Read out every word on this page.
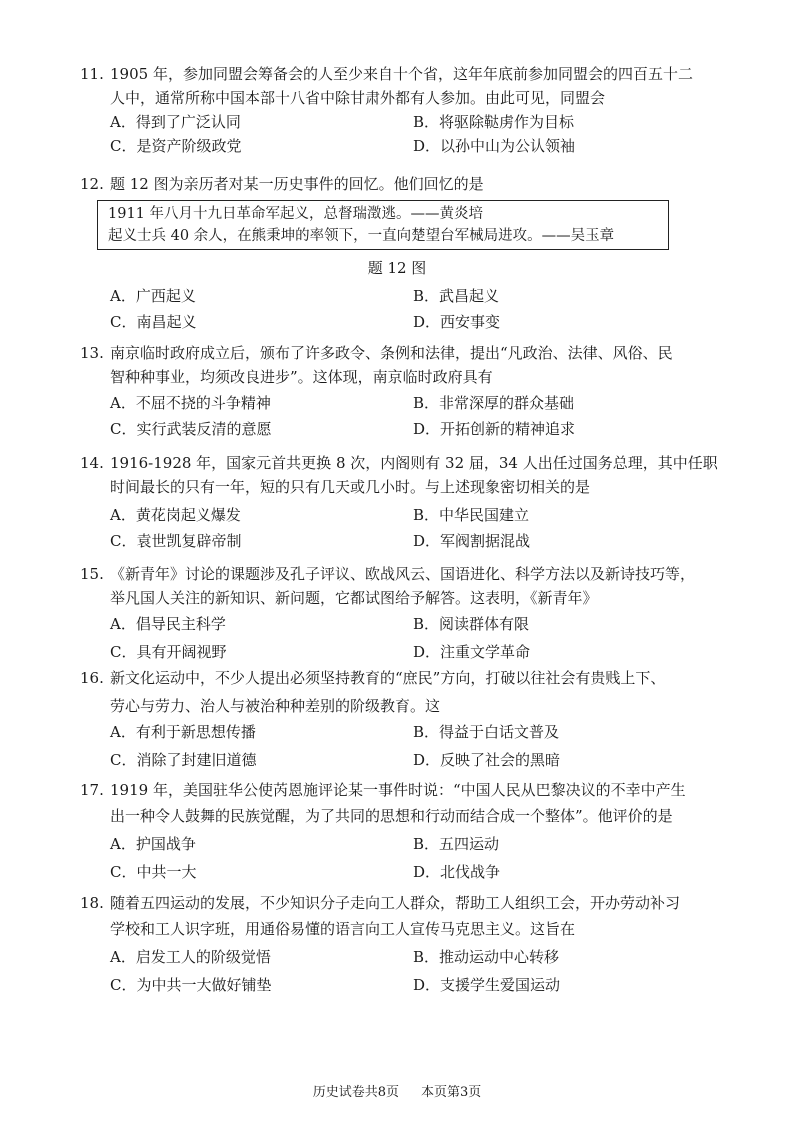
11. 1905 年，参加同盟会筹备会的人至少来自十个省，这年年底前参加同盟会的四百五十二
人中，通常所称中国本部十八省中除甘肃外都有人参加。由此可见，同盟会
A．得到了广泛认同	B．将驱除鞑虏作为目标
C．是资产阶级政党	D．以孙中山为公认领袖
12. 题 12 图为亲历者对某一历史事件的回忆。他们回忆的是
1911 年八月十九日革命军起义，总督瑞澂逃。——黄炎培
起义士兵 40 余人，在熊秉坤的率领下，一直向楚望台军械局进攻。——吴玉章
题 12 图
A．广西起义	B．武昌起义
C．南昌起义	D．西安事变
13. 南京临时政府成立后，颁布了许多政令、条例和法律，提出“凡政治、法律、风俗、民
智种种事业，均须改良进步”。这体现，南京临时政府具有
A．不屈不挠的斗争精神	B．非常深厚的群众基础
C．实行武装反清的意愿	D．开拓创新的精神追求
14. 1916-1928 年，国家元首共更换 8 次，内阁则有 32 届，34 人出任过国务总理，其中任职
时间最长的只有一年，短的只有几天或几小时。与上述现象密切相关的是
A．黄花岗起义爆发	B．中华民国建立
C．袁世凯复辟帝制	D．军阀割据混战
15. 《新青年》讨论的课题涉及孔子评议、欧战风云、国语进化、科学方法以及新诗技巧等，
举凡国人关注的新知识、新问题，它都试图给予解答。这表明，《新青年》
A．倡导民主科学	B．阅读群体有限
C．具有开阔视野	D．注重文学革命
16. 新文化运动中，不少人提出必须坚持教育的“庶民”方向，打破以往社会有贵贱上下、
劳心与劳力、治人与被治种种差别的阶级教育。这
A．有利于新思想传播	B．得益于白话文普及
C．消除了封建旧道德	D．反映了社会的黑暗
17. 1919 年，美国驻华公使芮恩施评论某一事件时说：“中国人民从巴黎决议的不幸中产生
出一种令人鼓舞的民族觉醒，为了共同的思想和行动而结合成一个整体”。他评价的是
A．护国战争	B．五四运动
C．中共一大	D．北伐战争
18. 随着五四运动的发展，不少知识分子走向工人群众，帮助工人组织工会，开办劳动补习
学校和工人识字班，用通俗易懂的语言向工人宣传马克思主义。这旨在
A．启发工人的阶级觉悟	B．推动运动中心转移
C．为中共一大做好铺垫	D．支援学生爱国运动
历史试卷共8页 本页第3页
